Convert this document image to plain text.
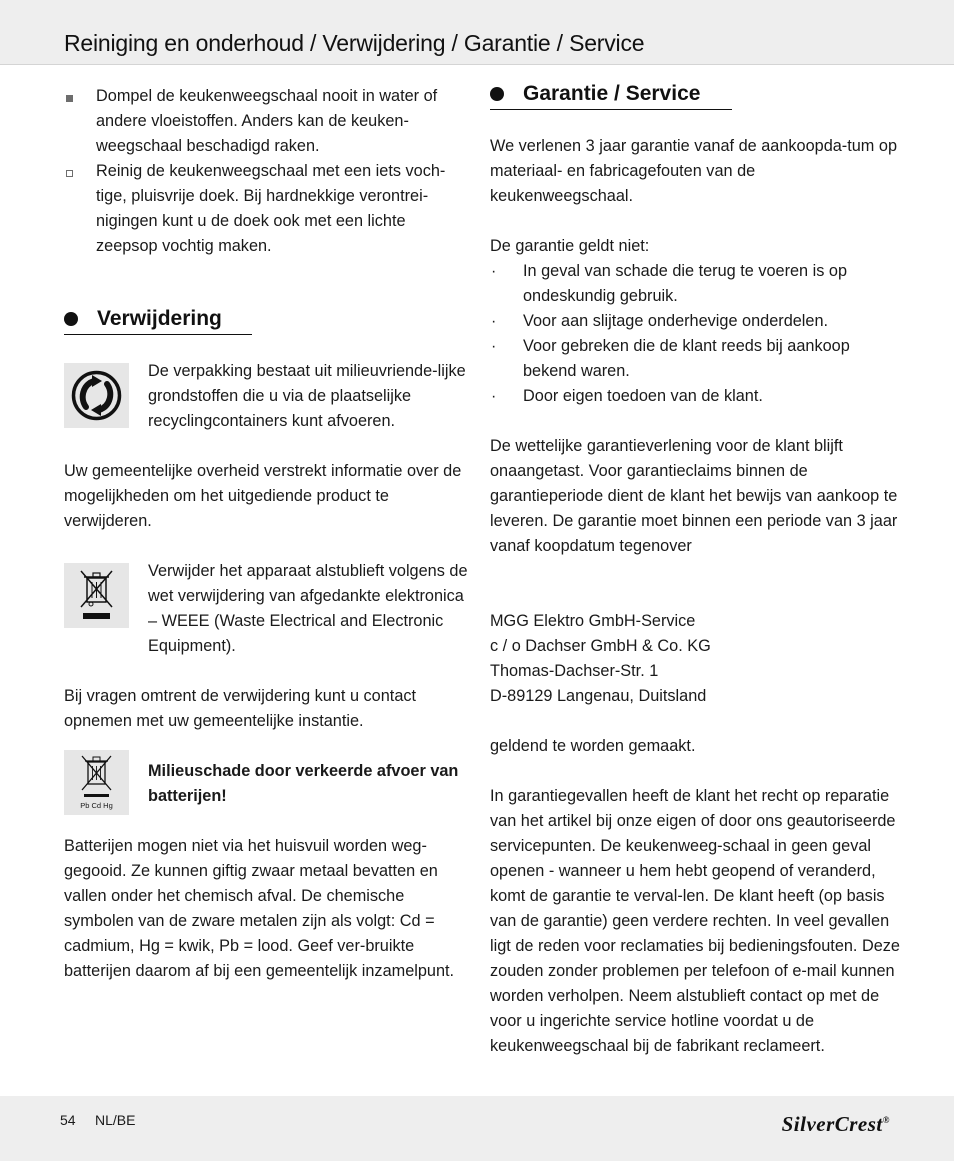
Reiniging en onderhoud / Verwijdering / Garantie / Service

Dompel de keukenweegschaal nooit in water of andere vloeistoffen. Anders kan de keuken-weegschaal beschadigd raken.

Reinig de keukenweegschaal met een iets voch-tige, pluisvrije doek. Bij hardnekkige verontrei-nigingen kunt u de doek ook met een lichte zeepsop vochtig maken.

Verwijdering

De verpakking bestaat uit milieuvriende-lijke grondstoffen die u via de plaatselijke recyclingcontainers kunt afvoeren.

Uw gemeentelijke overheid verstrekt informatie over de mogelijkheden om het uitgediende product te verwijderen.

Verwijder het apparaat alstublieft volgens de wet verwijdering van afgedankte elektronica – WEEE (Waste Electrical and Electronic Equipment).

Bij vragen omtrent de verwijdering kunt u contact opnemen met uw gemeentelijke instantie.

Pb Cd Hg

Milieuschade door verkeerde afvoer van batterijen!

Batterijen mogen niet via het huisvuil worden weg-gegooid. Ze kunnen giftig zwaar metaal bevatten en vallen onder het chemisch afval. De chemische symbolen van de zware metalen zijn als volgt: Cd = cadmium, Hg = kwik, Pb = lood. Geef ver-bruikte batterijen daarom af bij een gemeentelijk inzamelpunt.

Garantie / Service

We verlenen 3 jaar garantie vanaf de aankoopda-tum op materiaal- en fabricagefouten van de keukenweegschaal.

De garantie geldt niet:

· In geval van schade die terug te voeren is op ondeskundig gebruik.

· Voor aan slijtage onderhevige onderdelen.

· Voor gebreken die de klant reeds bij aankoop bekend waren.

· Door eigen toedoen van de klant.

De wettelijke garantieverlening voor de klant blijft onaangetast. Voor garantieclaims binnen de garantieperiode dient de klant het bewijs van aankoop te leveren. De garantie moet binnen een periode van 3 jaar vanaf koopdatum tegenover

MGG Elektro GmbH-Service

c / o Dachser GmbH & Co. KG

Thomas-Dachser-Str. 1

D-89129 Langenau, Duitsland

geldend te worden gemaakt.

In garantiegevallen heeft de klant het recht op reparatie van het artikel bij onze eigen of door ons geautoriseerde servicepunten. De keukenweeg-schaal in geen geval openen - wanneer u hem hebt geopend of veranderd, komt de garantie te verval-len. De klant heeft (op basis van de garantie) geen verdere rechten. In veel gevallen ligt de reden voor reclamaties bij bedieningsfouten. Deze zouden zonder problemen per telefoon of e-mail kunnen worden verholpen. Neem alstublieft contact op met de voor u ingerichte service hotline voordat u de keukenweegschaal bij de fabrikant reclameert.

54 NL/BE	SilverCrest®
